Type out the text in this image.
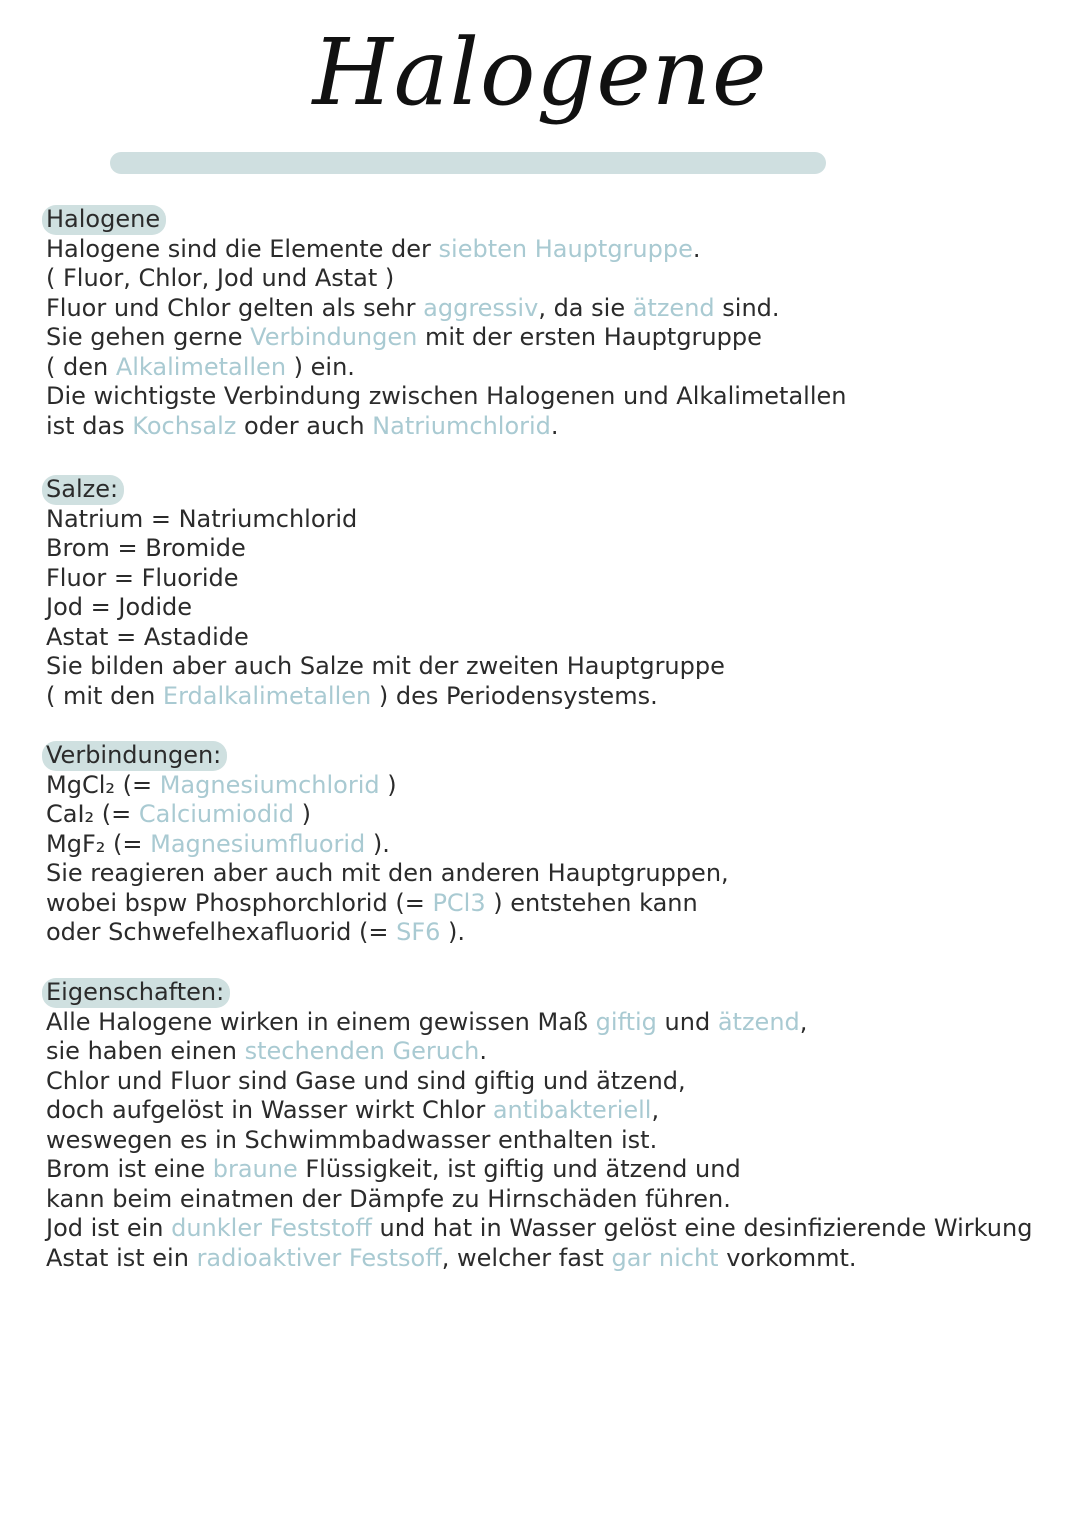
Halogene
Halogene
Halogene sind die Elemente der siebten Hauptgruppe.
( Fluor, Chlor, Jod und Astat )
Fluor und Chlor gelten als sehr aggressiv, da sie ätzend sind.
Sie gehen gerne Verbindungen mit der ersten Hauptgruppe
( den Alkalimetallen ) ein.
Die wichtigste Verbindung zwischen Halogenen und Alkalimetallen
ist das Kochsalz oder auch Natriumchlorid.
Salze:
Natrium = Natriumchlorid
Brom = Bromide
Fluor = Fluoride
Jod = Jodide
Astat = Astadide
Sie bilden aber auch Salze mit der zweiten Hauptgruppe
( mit den Erdalkalimetallen ) des Periodensystems.
Verbindungen:
MgCl₂ (= Magnesiumchlorid )
CaI₂ (= Calciumiodid )
MgF₂ (= Magnesiumfluorid ).
Sie reagieren aber auch mit den anderen Hauptgruppen,
wobei bspw Phosphorchlorid (= PCl3 ) entstehen kann
oder Schwefelhexafluorid (= SF6 ).
Eigenschaften:
Alle Halogene wirken in einem gewissen Maß giftig und ätzend,
sie haben einen stechenden Geruch.
Chlor und Fluor sind Gase und sind giftig und ätzend,
doch aufgelöst in Wasser wirkt Chlor antibakteriell,
weswegen es in Schwimmbadwasser enthalten ist.
Brom ist eine braune Flüssigkeit, ist giftig und ätzend und
kann beim einatmen der Dämpfe zu Hirnschäden führen.
Jod ist ein dunkler Feststoff und hat in Wasser gelöst eine desinfizierende Wirkung
Astat ist ein radioaktiver Festsoff, welcher fast gar nicht vorkommt.
